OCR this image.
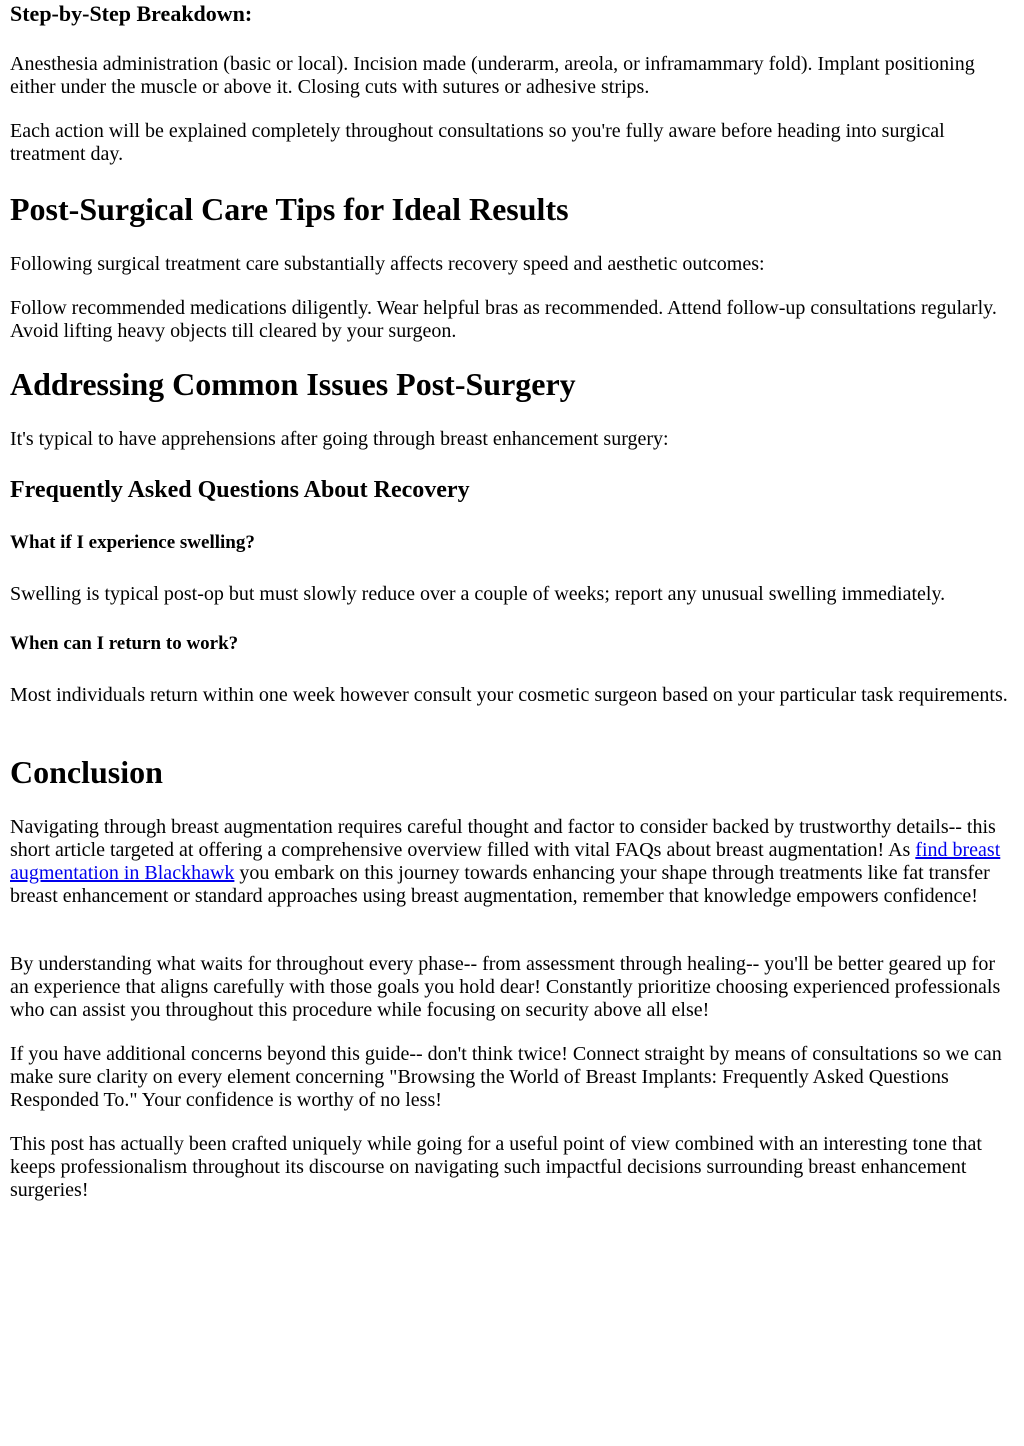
Step-by-Step Breakdown:

Anesthesia administration (basic or local). Incision made (underarm, areola, or inframammary fold). Implant positioning either under the muscle or above it. Closing cuts with sutures or adhesive strips.

Each action will be explained completely throughout consultations so you're fully aware before heading into surgical treatment day.

Post-Surgical Care Tips for Ideal Results

Following surgical treatment care substantially affects recovery speed and aesthetic outcomes:

Follow recommended medications diligently. Wear helpful bras as recommended. Attend follow-up consultations regularly. Avoid lifting heavy objects till cleared by your surgeon.

Addressing Common Issues Post-Surgery

It's typical to have apprehensions after going through breast enhancement surgery:

Frequently Asked Questions About Recovery
What if I experience swelling?

Swelling is typical post-op but must slowly reduce over a couple of weeks; report any unusual swelling immediately.

When can I return to work?

Most individuals return within one week however consult your cosmetic surgeon based on your particular task requirements.

Conclusion

Navigating through breast augmentation requires careful thought and factor to consider backed by trustworthy details-- this short article targeted at offering a comprehensive overview filled with vital FAQs about breast augmentation! As find breast augmentation in Blackhawk you embark on this journey towards enhancing your shape through treatments like fat transfer breast enhancement or standard approaches using breast augmentation, remember that knowledge empowers confidence!

By understanding what waits for throughout every phase-- from assessment through healing-- you'll be better geared up for an experience that aligns carefully with those goals you hold dear! Constantly prioritize choosing experienced professionals who can assist you throughout this procedure while focusing on security above all else!

If you have additional concerns beyond this guide-- don't think twice! Connect straight by means of consultations so we can make sure clarity on every element concerning "Browsing the World of Breast Implants: Frequently Asked Questions Responded To." Your confidence is worthy of no less!

This post has actually been crafted uniquely while going for a useful point of view combined with an interesting tone that keeps professionalism throughout its discourse on navigating such impactful decisions surrounding breast enhancement surgeries!
